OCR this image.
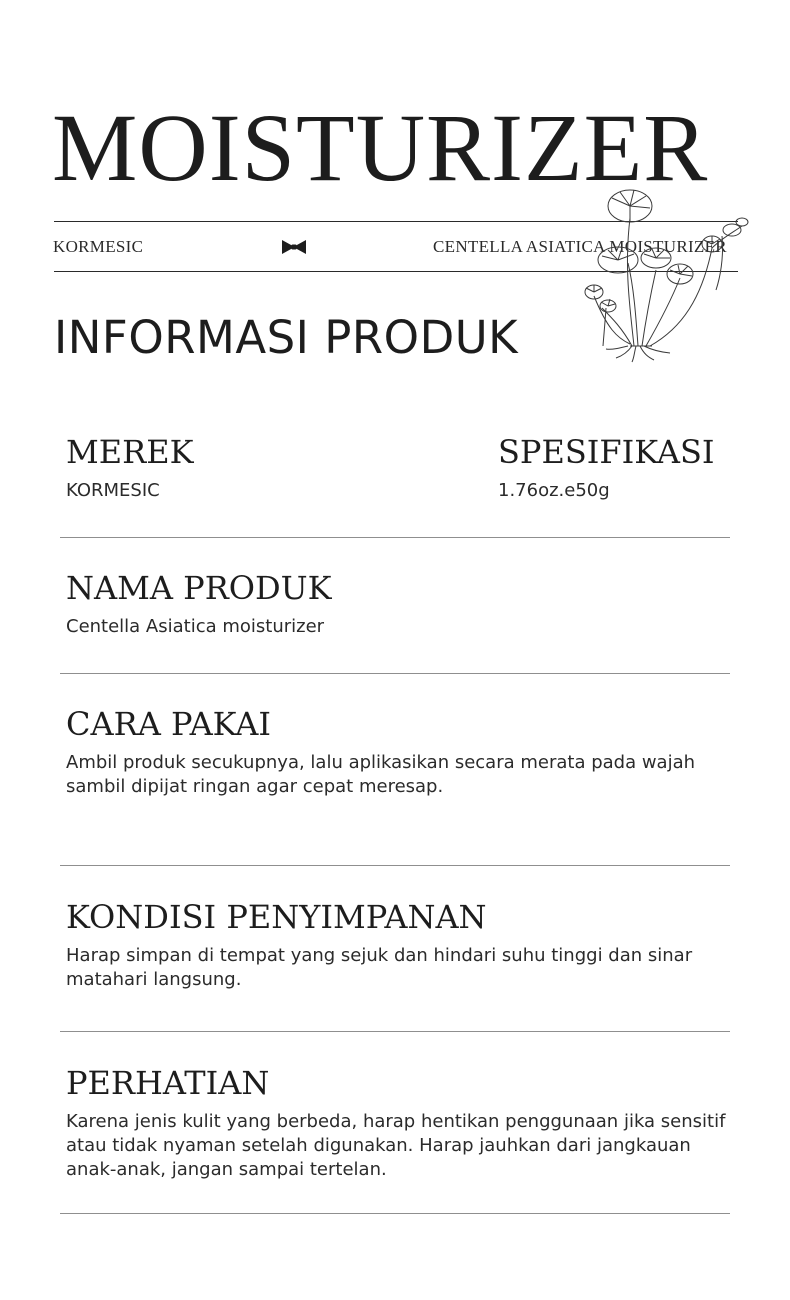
MOISTURIZER
KORMESIC	CENTELLA ASIATICA MOISTURIZER
INFORMASI PRODUK
MEREK

KORMESIC

SPESIFIKASI

1.76oz.e50g

NAMA PRODUK

Centella Asiatica moisturizer

CARA PAKAI

Ambil produk secukupnya, lalu aplikasikan secara merata pada wajah sambil dipijat ringan agar cepat meresap.

KONDISI PENYIMPANAN

Harap simpan di tempat yang sejuk dan hindari suhu tinggi dan sinar matahari langsung.

PERHATIAN

Karena jenis kulit yang berbeda, harap hentikan penggunaan jika sensitif atau tidak nyaman setelah digunakan. Harap jauhkan dari jangkauan anak-anak, jangan sampai tertelan.
